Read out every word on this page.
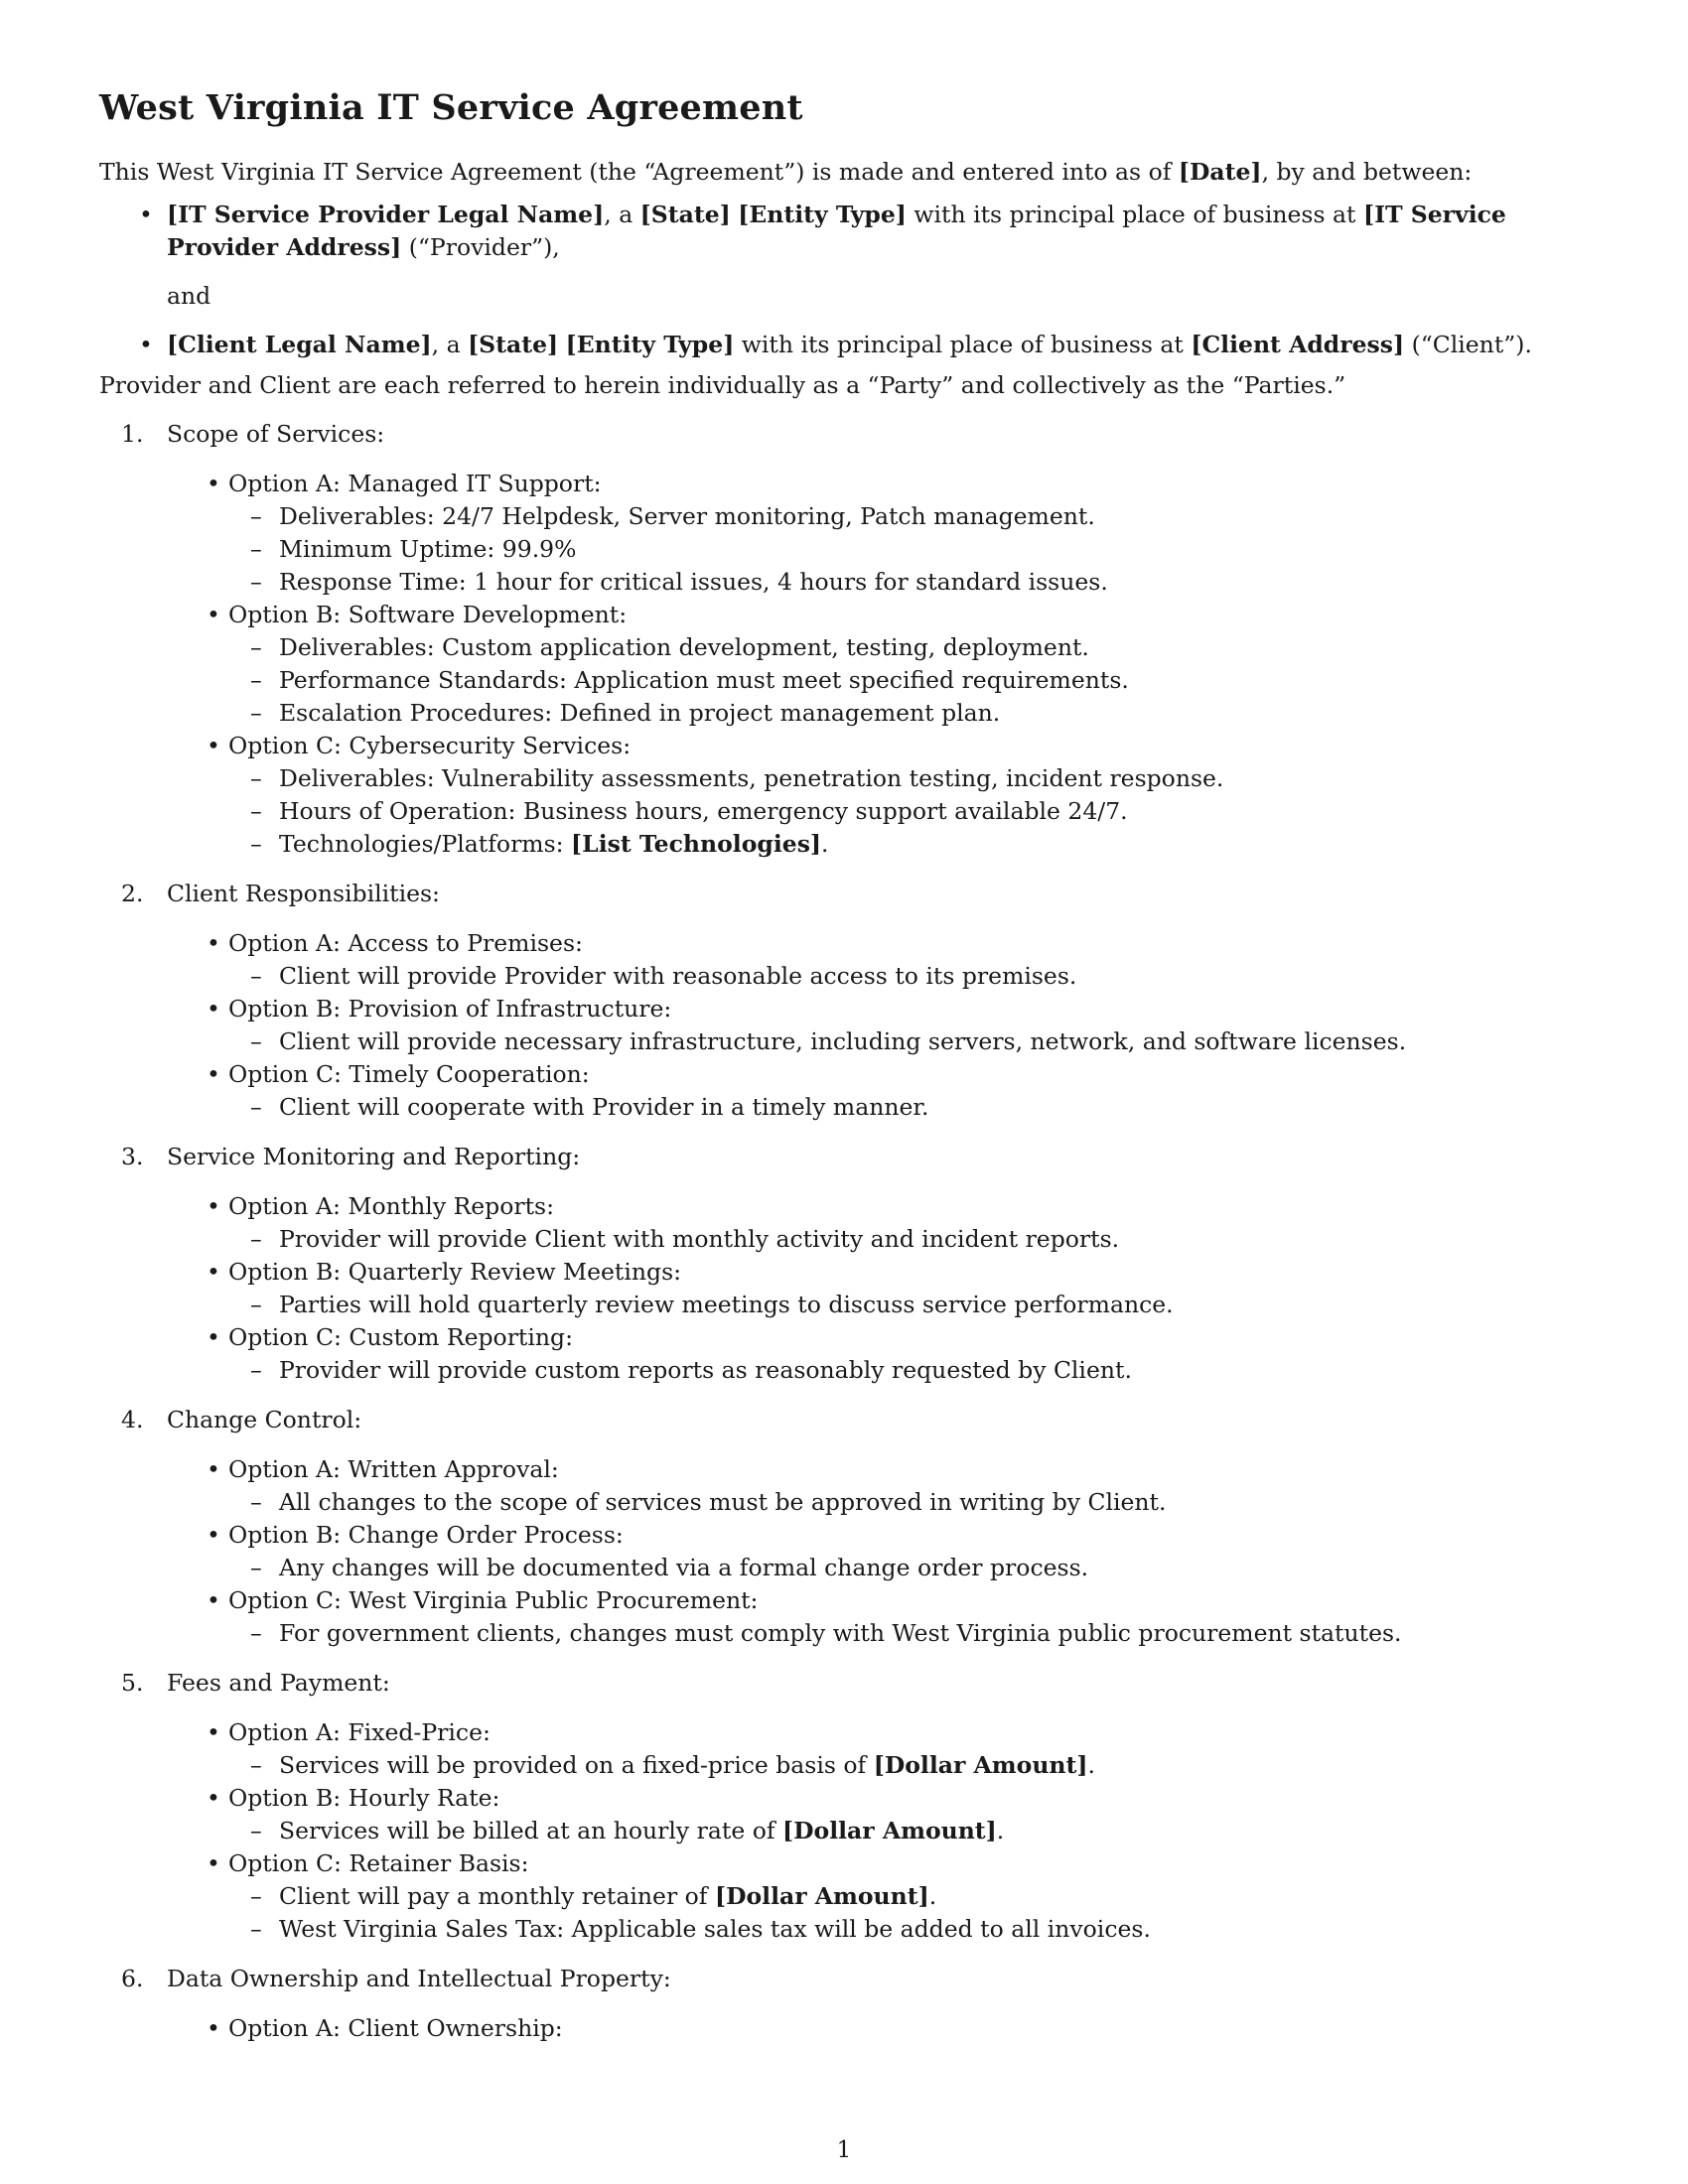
West Virginia IT Service Agreement

This West Virginia IT Service Agreement (the “Agreement”) is made and entered into as of [Date], by and between:

• [IT Service Provider Legal Name], a [State] [Entity Type] with its principal place of business at [IT Service Provider Address] (“Provider”),
and
• [Client Legal Name], a [State] [Entity Type] with its principal place of business at [Client Address] (“Client”).

Provider and Client are each referred to herein individually as a “Party” and collectively as the “Parties.”

1. Scope of Services:
• Option A: Managed IT Support:
– Deliverables: 24/7 Helpdesk, Server monitoring, Patch management.
– Minimum Uptime: 99.9%
– Response Time: 1 hour for critical issues, 4 hours for standard issues.
• Option B: Software Development:
– Deliverables: Custom application development, testing, deployment.
– Performance Standards: Application must meet specified requirements.
– Escalation Procedures: Defined in project management plan.
• Option C: Cybersecurity Services:
– Deliverables: Vulnerability assessments, penetration testing, incident response.
– Hours of Operation: Business hours, emergency support available 24/7.
– Technologies/Platforms: [List Technologies].
2. Client Responsibilities:
• Option A: Access to Premises:
– Client will provide Provider with reasonable access to its premises.
• Option B: Provision of Infrastructure:
– Client will provide necessary infrastructure, including servers, network, and software licenses.
• Option C: Timely Cooperation:
– Client will cooperate with Provider in a timely manner.
3. Service Monitoring and Reporting:
• Option A: Monthly Reports:
– Provider will provide Client with monthly activity and incident reports.
• Option B: Quarterly Review Meetings:
– Parties will hold quarterly review meetings to discuss service performance.
• Option C: Custom Reporting:
– Provider will provide custom reports as reasonably requested by Client.
4. Change Control:
• Option A: Written Approval:
– All changes to the scope of services must be approved in writing by Client.
• Option B: Change Order Process:
– Any changes will be documented via a formal change order process.
• Option C: West Virginia Public Procurement:
– For government clients, changes must comply with West Virginia public procurement statutes.
5. Fees and Payment:
• Option A: Fixed-Price:
– Services will be provided on a fixed-price basis of [Dollar Amount].
• Option B: Hourly Rate:
– Services will be billed at an hourly rate of [Dollar Amount].
• Option C: Retainer Basis:
– Client will pay a monthly retainer of [Dollar Amount].
– West Virginia Sales Tax: Applicable sales tax will be added to all invoices.
6. Data Ownership and Intellectual Property:
• Option A: Client Ownership:
1
